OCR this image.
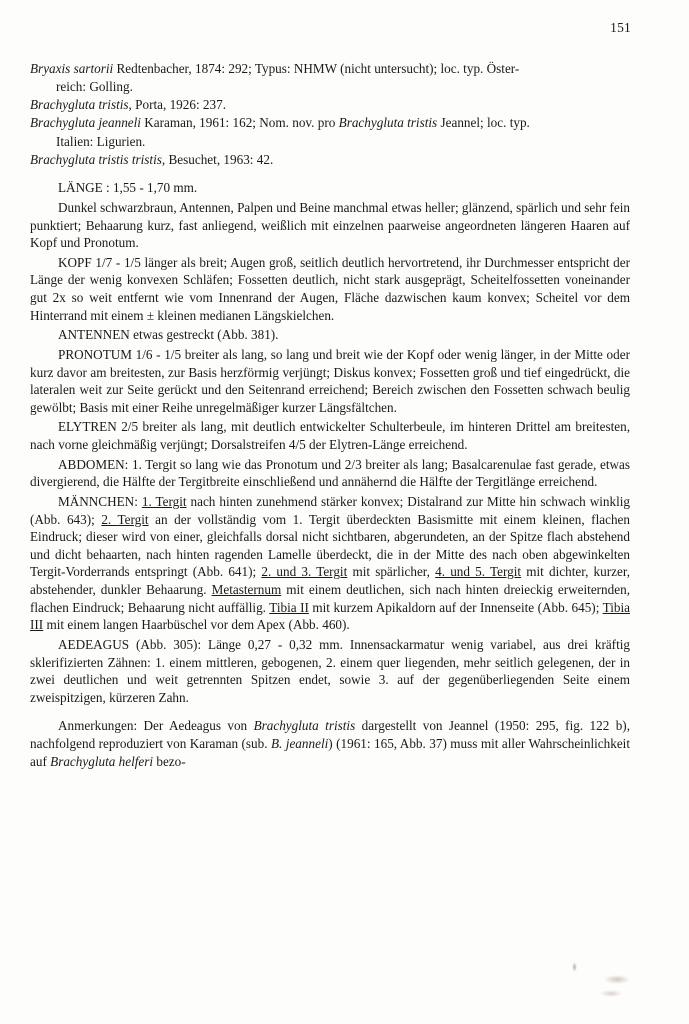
151

Bryaxis sartorii Redtenbacher, 1874: 292; Typus: NHMW (nicht untersucht); loc. typ. Öster-

reich: Golling.

Brachygluta tristis, Porta, 1926: 237.

Brachygluta jeanneli Karaman, 1961: 162; Nom. nov. pro Brachygluta tristis Jeannel; loc. typ.

Italien: Ligurien.

Brachygluta tristis tristis, Besuchet, 1963: 42.

LÄNGE : 1,55 - 1,70 mm.

Dunkel schwarzbraun, Antennen, Palpen und Beine manchmal etwas heller; glänzend, spärlich und sehr fein punktiert; Behaarung kurz, fast anliegend, weißlich mit einzelnen paarweise angeordneten längeren Haaren auf Kopf und Pronotum.

KOPF 1/7 - 1/5 länger als breit; Augen groß, seitlich deutlich hervortretend, ihr Durchmesser entspricht der Länge der wenig konvexen Schläfen; Fossetten deutlich, nicht stark ausgeprägt, Scheitelfossetten voneinander gut 2x so weit entfernt wie vom Innenrand der Augen, Fläche dazwischen kaum konvex; Scheitel vor dem Hinterrand mit einem ± kleinen medianen Längskielchen.

ANTENNEN etwas gestreckt (Abb. 381).

PRONOTUM 1/6 - 1/5 breiter als lang, so lang und breit wie der Kopf oder wenig länger, in der Mitte oder kurz davor am breitesten, zur Basis herzförmig verjüngt; Diskus konvex; Fossetten groß und tief eingedrückt, die lateralen weit zur Seite gerückt und den Seitenrand erreichend; Bereich zwischen den Fossetten schwach beulig gewölbt; Basis mit einer Reihe unregelmäßiger kurzer Längsfältchen.

ELYTREN 2/5 breiter als lang, mit deutlich entwickelter Schulterbeule, im hinteren Drittel am breitesten, nach vorne gleichmäßig verjüngt; Dorsalstreifen 4/5 der Elytren-Länge erreichend.

ABDOMEN: 1. Tergit so lang wie das Pronotum und 2/3 breiter als lang; Basalcarenulae fast gerade, etwas divergierend, die Hälfte der Tergitbreite einschließend und annähernd die Hälfte der Tergitlänge erreichend.

MÄNNCHEN: 1. Tergit nach hinten zunehmend stärker konvex; Distalrand zur Mitte hin schwach winklig (Abb. 643); 2. Tergit an der vollständig vom 1. Tergit überdeckten Basismitte mit einem kleinen, flachen Eindruck; dieser wird von einer, gleichfalls dorsal nicht sichtbaren, abgerundeten, an der Spitze flach abstehend und dicht behaarten, nach hinten ragenden Lamelle überdeckt, die in der Mitte des nach oben abgewinkelten Tergit-Vorderrands entspringt (Abb. 641); 2. und 3. Tergit mit spärlicher, 4. und 5. Tergit mit dichter, kurzer, abstehender, dunkler Behaarung. Metasternum mit einem deutlichen, sich nach hinten dreieckig erweiternden, flachen Eindruck; Behaarung nicht auffällig. Tibia II mit kurzem Apikaldorn auf der Innenseite (Abb. 645); Tibia III mit einem langen Haarbüschel vor dem Apex (Abb. 460).

AEDEAGUS (Abb. 305): Länge 0,27 - 0,32 mm. Innensackarmatur wenig variabel, aus drei kräftig sklerifizierten Zähnen: 1. einem mittleren, gebogenen, 2. einem quer liegenden, mehr seitlich gelegenen, der in zwei deutlichen und weit getrennten Spitzen endet, sowie 3. auf der gegenüberliegenden Seite einem zweispitzigen, kürzeren Zahn.

Anmerkungen: Der Aedeagus von Brachygluta tristis dargestellt von Jeannel (1950: 295, fig. 122 b), nachfolgend reproduziert von Karaman (sub. B. jeanneli) (1961: 165, Abb. 37) muss mit aller Wahrscheinlichkeit auf Brachygluta helferi bezo-
